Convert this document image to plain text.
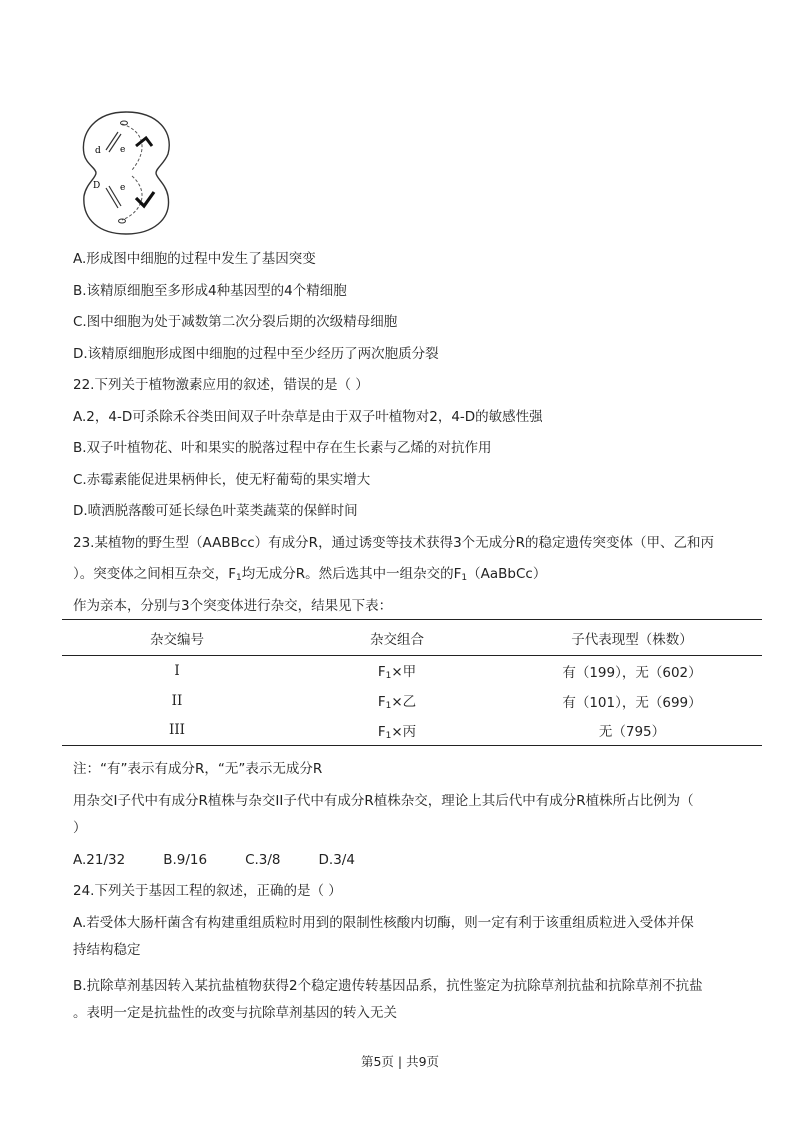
d e
D e
A.形成图中细胞的过程中发生了基因突变
B.该精原细胞至多形成4种基因型的4个精细胞
C.图中细胞为处于减数第二次分裂后期的次级精母细胞
D.该精原细胞形成图中细胞的过程中至少经历了两次胞质分裂
22.下列关于植物激素应用的叙述，错误的是（ ）
A.2，4-D可杀除禾谷类田间双子叶杂草是由于双子叶植物对2，4-D的敏感性强
B.双子叶植物花、叶和果实的脱落过程中存在生长素与乙烯的对抗作用
C.赤霉素能促进果柄伸长，使无籽葡萄的果实增大
D.喷洒脱落酸可延长绿色叶菜类蔬菜的保鲜时间
23.某植物的野生型（AABBcc）有成分R，通过诱变等技术获得3个无成分R的稳定遗传突变体（甲、乙和丙
）。突变体之间相互杂交，$F_1$均无成分R。然后选其中一组杂交的$F_1(AaBbCc)$
作为亲本，分别与3个突变体进行杂交，结果见下表：
杂交编号	杂交组合	子代表现型（株数）
I	$F_1\times$甲	有（199），无（602）
II	$F_1\times$乙	有（101），无（699）
III	$F_1\times$丙	无（795）
注：“有”表示有成分R，“无”表示无成分R
用杂交I子代中有成分R植株与杂交II子代中有成分R植株杂交，理论上其后代中有成分R植株所占比例为（
）
A.21/32	B.9/16	C.3/8	D.3/4
24.下列关于基因工程的叙述，正确的是（ ）
A.若受体大肠杆菌含有构建重组质粒时用到的限制性核酸内切酶，则一定有利于该重组质粒进入受体并保
持结构稳定
B.抗除草剂基因转入某抗盐植物获得2个稳定遗传转基因品系，抗性鉴定为抗除草剂抗盐和抗除草剂不抗盐
。表明一定是抗盐性的改变与抗除草剂基因的转入无关
第5页 | 共9页
